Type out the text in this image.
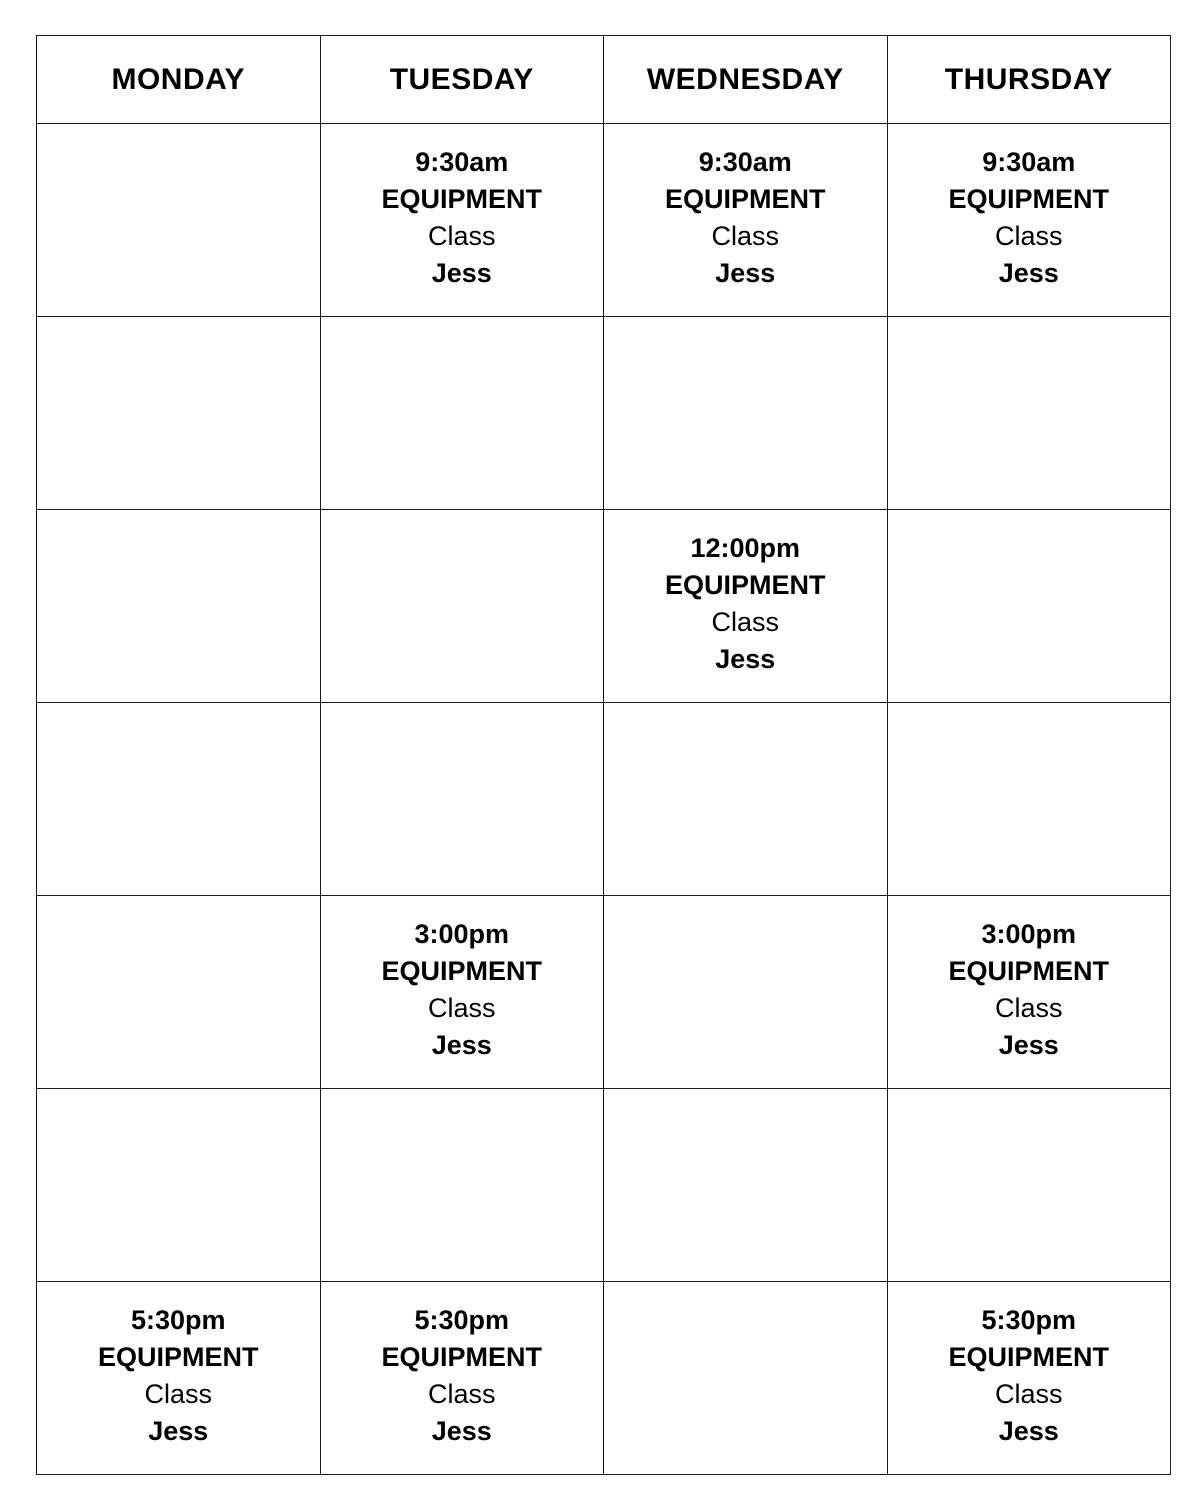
MONDAY	TUESDAY	WEDNESDAY	THURSDAY

	9:30am
EQUIPMENT
Class
Jess	9:30am
EQUIPMENT
Class
Jess	9:30am
EQUIPMENT
Class
Jess

		12:00pm
EQUIPMENT
Class
Jess	

	3:00pm
EQUIPMENT
Class
Jess		3:00pm
EQUIPMENT
Class
Jess

5:30pm
EQUIPMENT
Class
Jess	5:30pm
EQUIPMENT
Class
Jess		5:30pm
EQUIPMENT
Class
Jess
